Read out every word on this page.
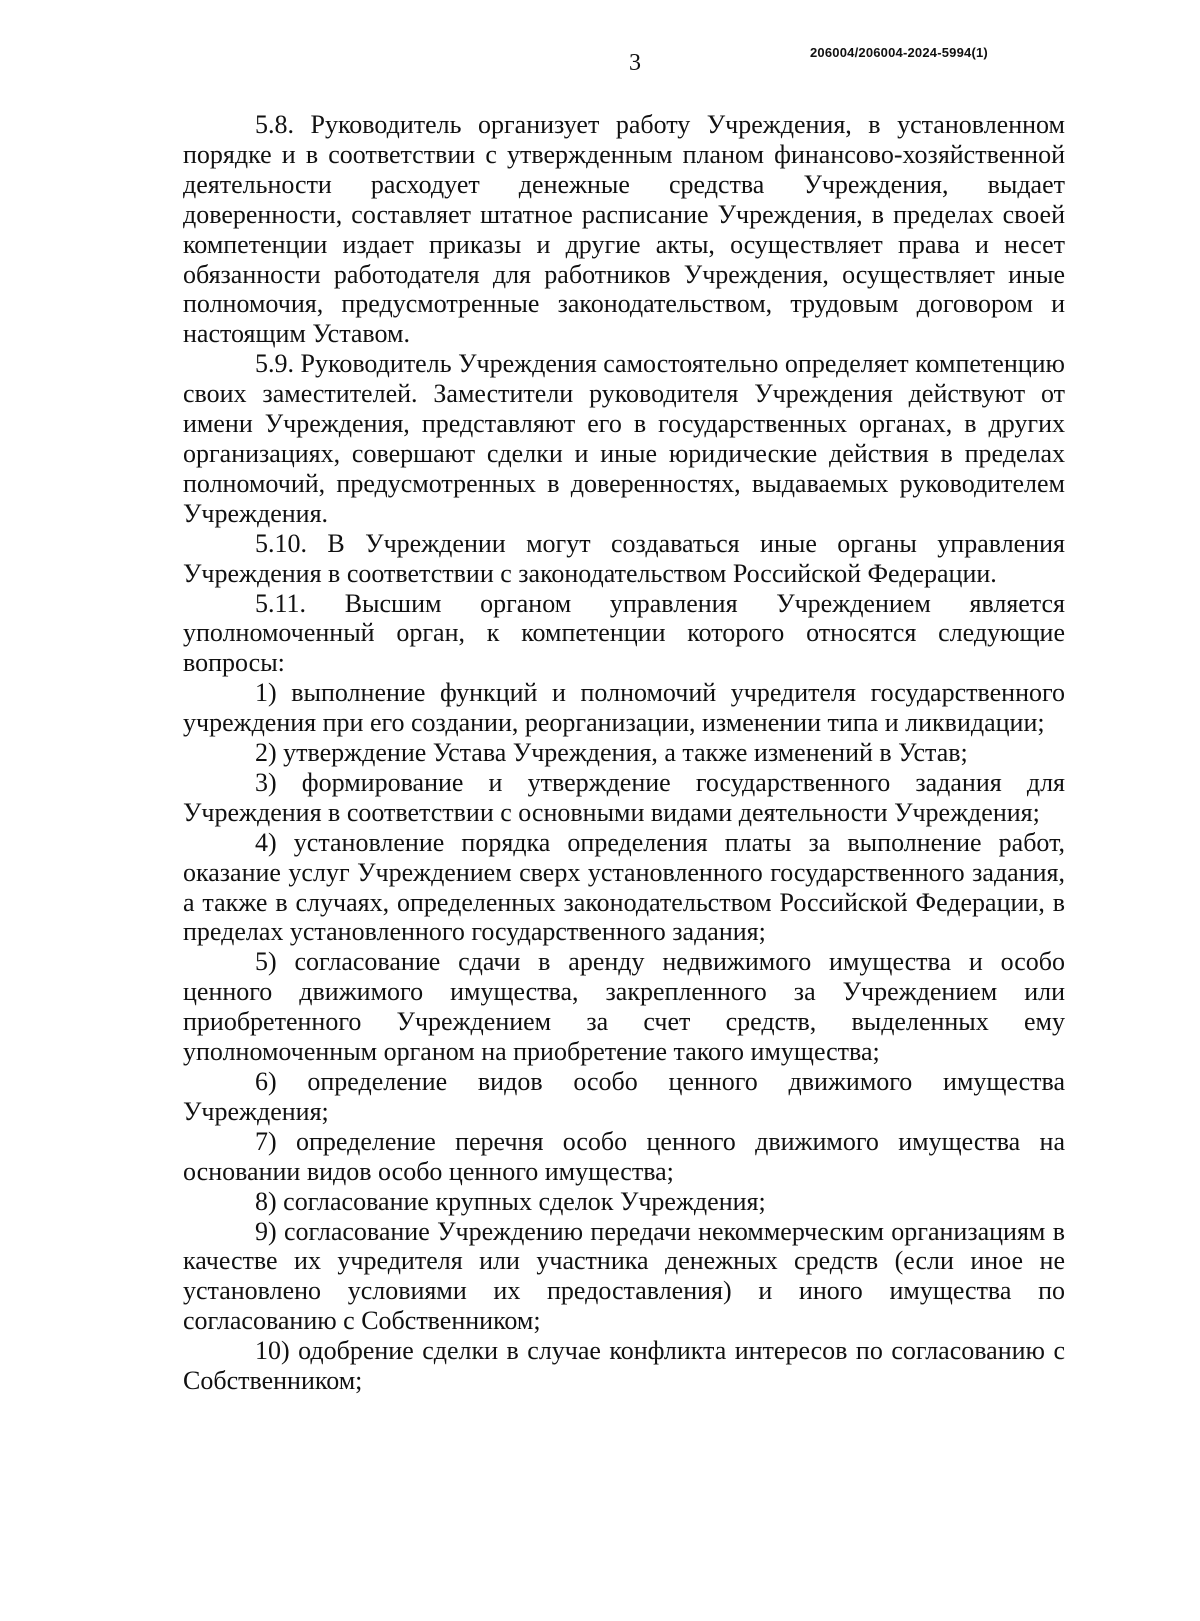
3	206004/206004-2024-5994(1)

5.8. Руководитель организует работу Учреждения, в установленном порядке и в соответствии с утвержденным планом финансово-хозяйственной деятельности расходует денежные средства Учреждения, выдает доверенности, составляет штатное расписание Учреждения, в пределах своей компетенции издает приказы и другие акты, осуществляет права и несет обязанности работодателя для работников Учреждения, осуществляет иные полномочия, предусмотренные законодательством, трудовым договором и настоящим Уставом.

5.9. Руководитель Учреждения самостоятельно определяет компетенцию своих заместителей. Заместители руководителя Учреждения действуют от имени Учреждения, представляют его в государственных органах, в других организациях, совершают сделки и иные юридические действия в пределах полномочий, предусмотренных в доверенностях, выдаваемых руководителем Учреждения.

5.10. В Учреждении могут создаваться иные органы управления Учреждения в соответствии с законодательством Российской Федерации.

5.11. Высшим органом управления Учреждением является уполномоченный орган, к компетенции которого относятся следующие вопросы:

1) выполнение функций и полномочий учредителя государственного учреждения при его создании, реорганизации, изменении типа и ликвидации;

2) утверждение Устава Учреждения, а также изменений в Устав;

3) формирование и утверждение государственного задания для Учреждения в соответствии с основными видами деятельности Учреждения;

4) установление порядка определения платы за выполнение работ, оказание услуг Учреждением сверх установленного государственного задания, а также в случаях, определенных законодательством Российской Федерации, в пределах установленного государственного задания;

5) согласование сдачи в аренду недвижимого имущества и особо ценного движимого имущества, закрепленного за Учреждением или приобретенного Учреждением за счет средств, выделенных ему уполномоченным органом на приобретение такого имущества;

6) определение видов особо ценного движимого имущества Учреждения;

7) определение перечня особо ценного движимого имущества на основании видов особо ценного имущества;

8) согласование крупных сделок Учреждения;

9) согласование Учреждению передачи некоммерческим организациям в качестве их учредителя или участника денежных средств (если иное не установлено условиями их предоставления) и иного имущества по согласованию с Собственником;

10) одобрение сделки в случае конфликта интересов по согласованию с Собственником;
